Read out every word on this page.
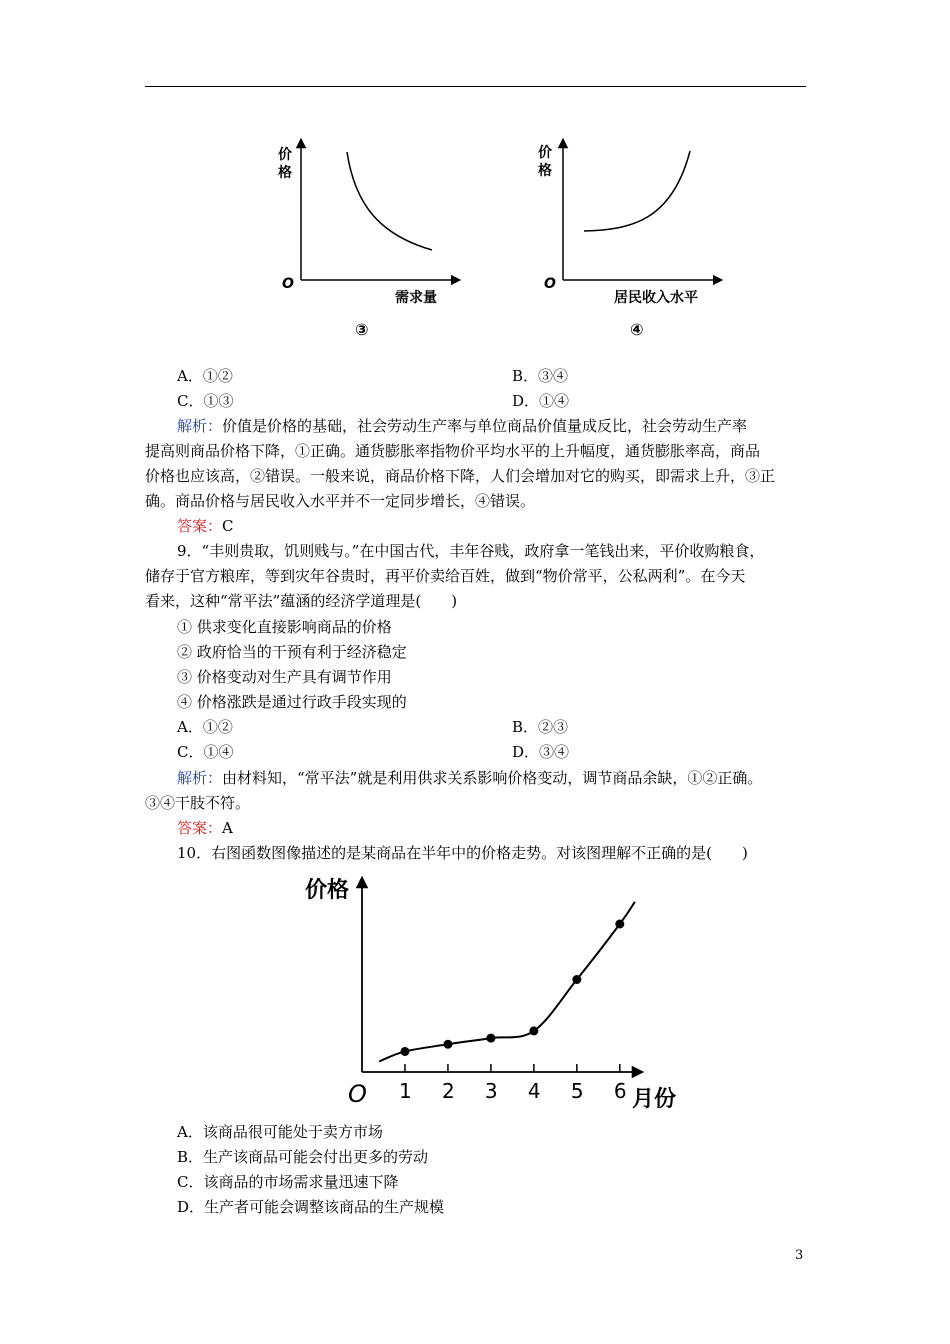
价
格
O
需求量
③
价
格
O
居民收入水平
④
A．①②	B．③④
C．①③	D．①④
解析：价值是价格的基础，社会劳动生产率与单位商品价值量成反比，社会劳动生产率
提高则商品价格下降，①正确。通货膨胀率指物价平均水平的上升幅度，通货膨胀率高，商品
价格也应该高，②错误。一般来说，商品价格下降，人们会增加对它的购买，即需求上升，③正
确。商品价格与居民收入水平并不一定同步增长，④错误。
答案：C
9．“丰则贵取，饥则贱与。”在中国古代，丰年谷贱，政府拿一笔钱出来，平价收购粮食，
储存于官方粮库，等到灾年谷贵时，再平价卖给百姓，做到“物价常平，公私两利”。在今天
看来，这种“常平法”蕴涵的经济学道理是(　　)
① 供求变化直接影响商品的价格
② 政府恰当的干预有利于经济稳定
③ 价格变动对生产具有调节作用
④ 价格涨跌是通过行政手段实现的
A．①②	B．②③
C．①④	D．③④
解析：由材料知，“常平法”就是利用供求关系影响价格变动，调节商品余缺，①②正确。
③④干肢不符。
答案：A
10．右图函数图像描述的是某商品在半年中的价格走势。对该图理解不正确的是(　　)
1 2 3 4 5 6
价格
O	月份
A．该商品很可能处于卖方市场
B．生产该商品可能会付出更多的劳动
C．该商品的市场需求量迅速下降
D．生产者可能会调整该商品的生产规模
3
